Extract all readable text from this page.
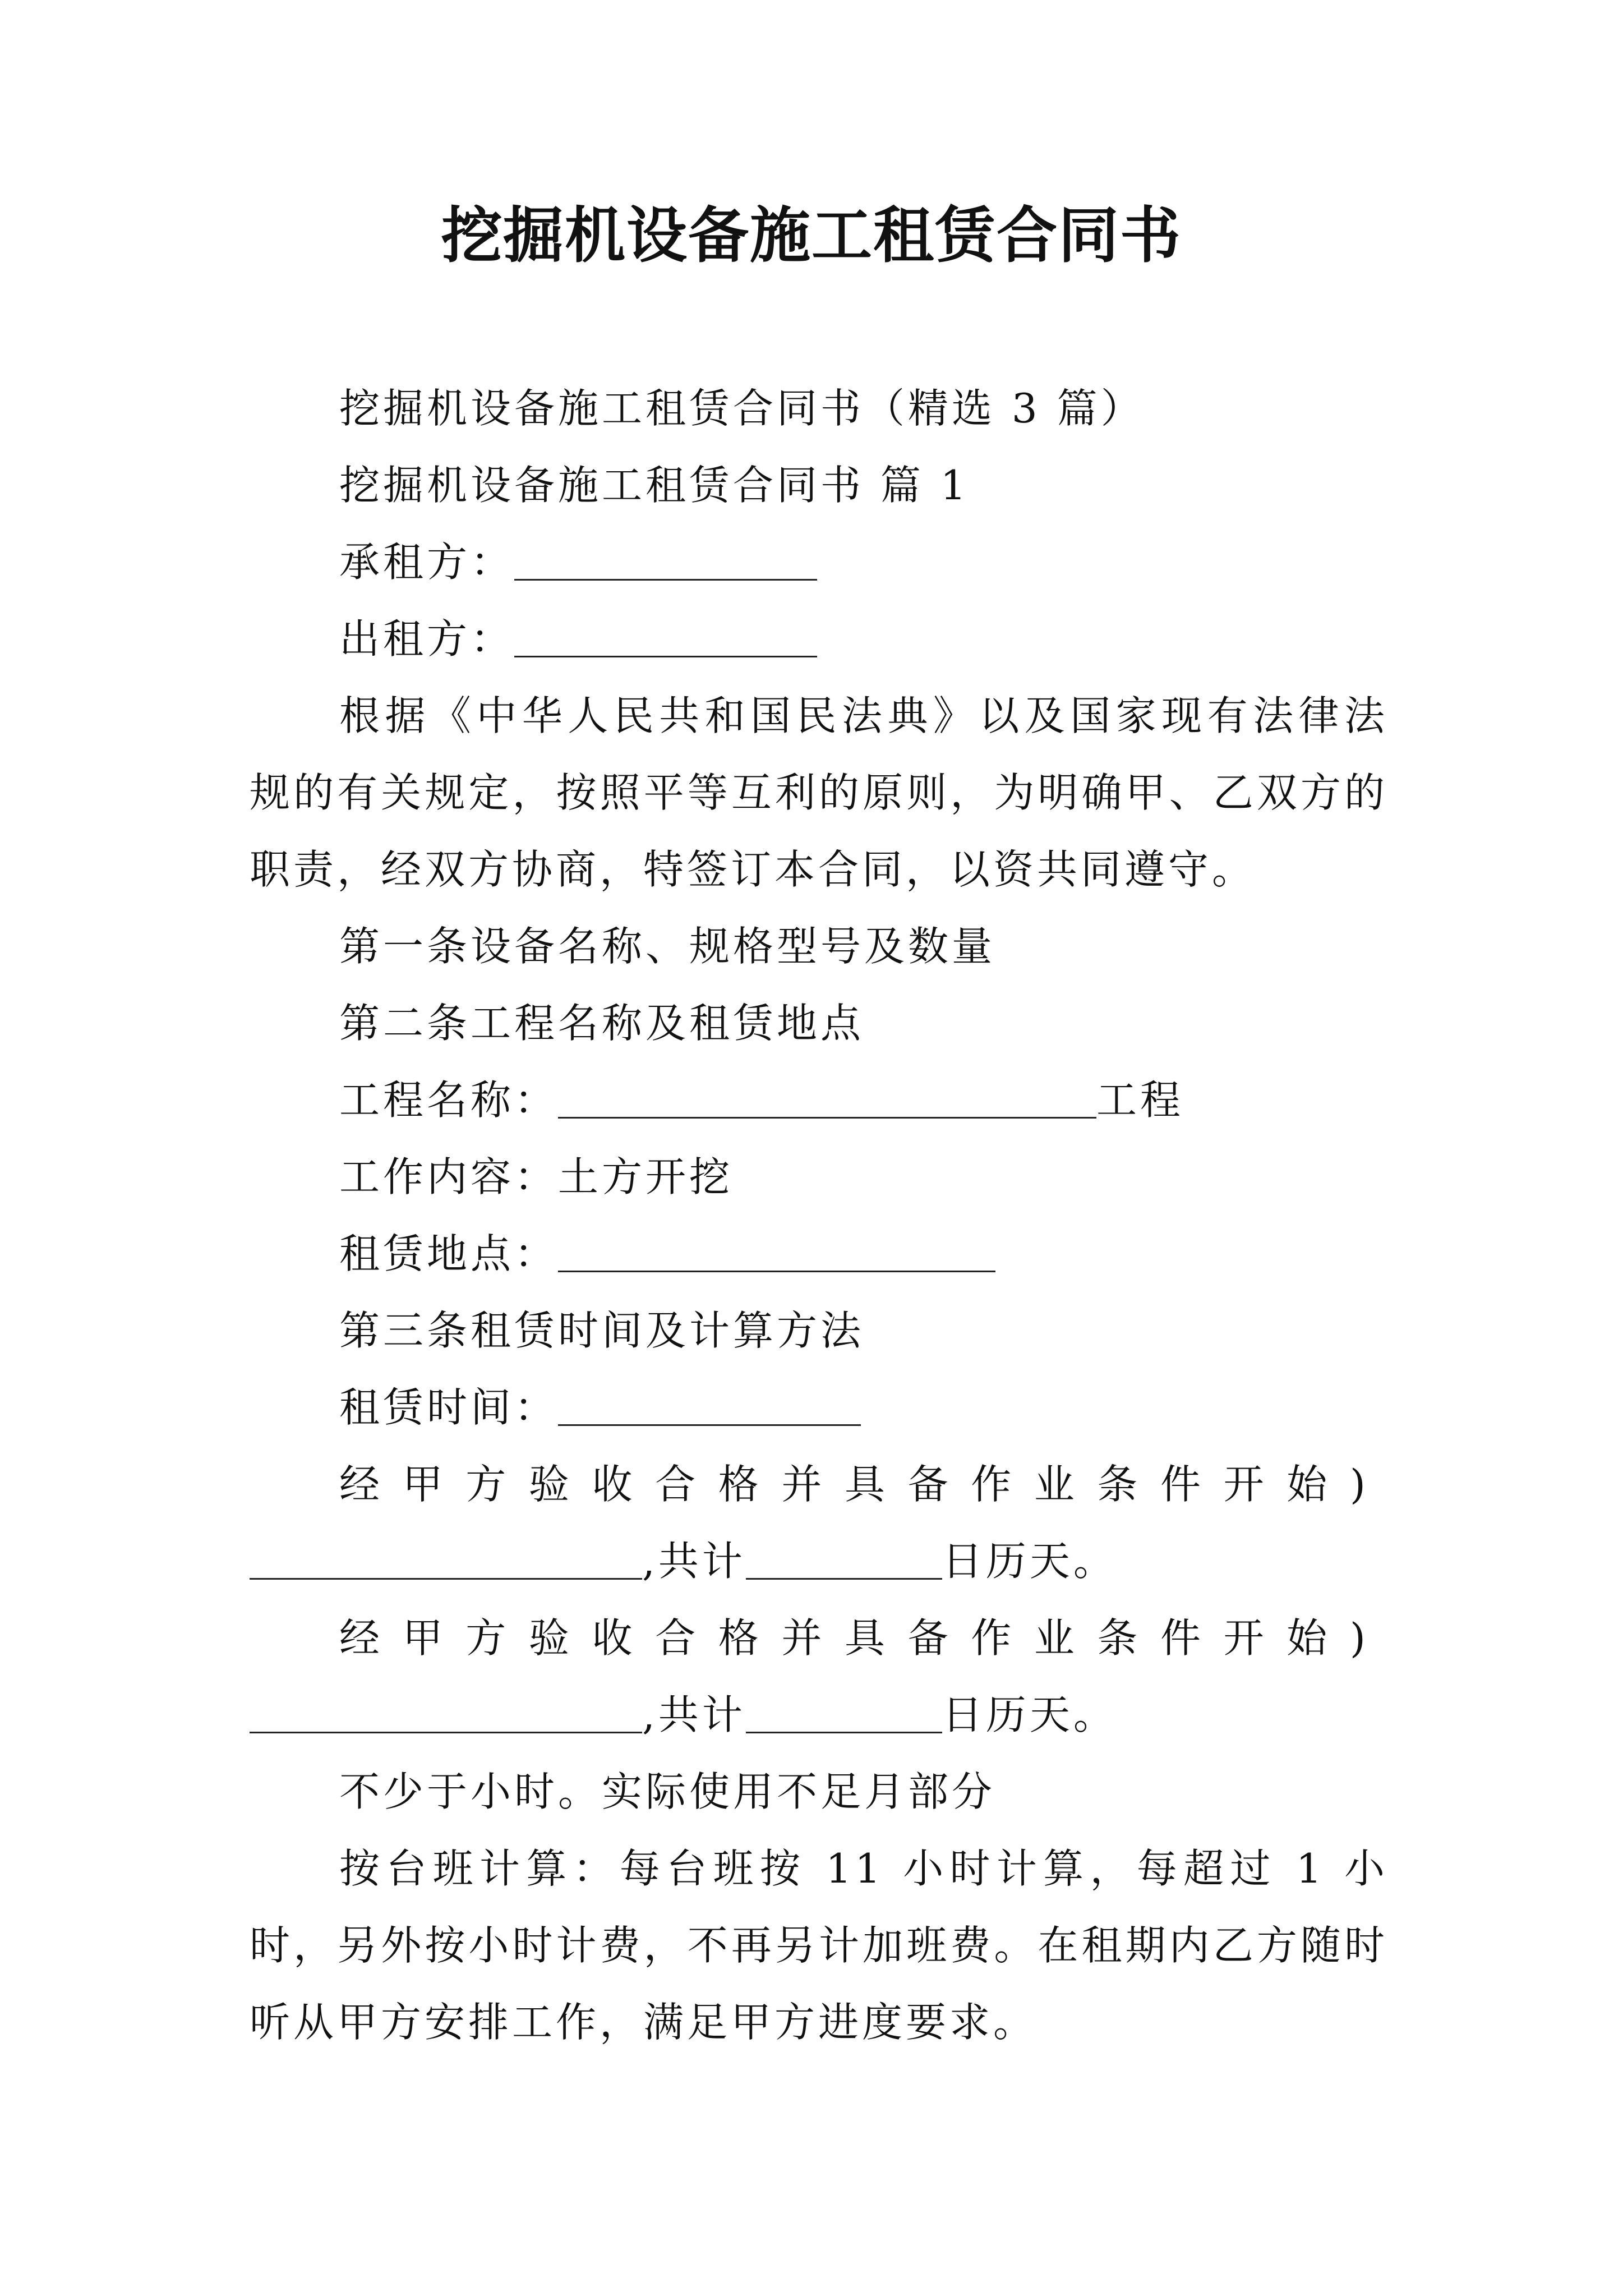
挖掘机设备施工租赁合同书

挖掘机设备施工租赁合同书（精选 3 篇）

挖掘机设备施工租赁合同书 篇 1

承租方：

出租方：

根据《中华人民共和国民法典》以及国家现有法律法规的有关规定，按照平等互利的原则，为明确甲、乙双方的职责，经双方协商，特签订本合同，以资共同遵守。

第一条设备名称、规格型号及数量

第二条工程名称及租赁地点

工程名称：	工程

工作内容：土方开挖

租赁地点：

第三条租赁时间及计算方法

租赁时间：

经甲方验收合格并具备作业条件开始),共计	日历天。

经甲方验收合格并具备作业条件开始),共计	日历天。

不少于小时。实际使用不足月部分

按台班计算：每台班按 11 小时计算，每超过 1 小时，另外按小时计费，不再另计加班费。在租期内乙方随时听从甲方安排工作，满足甲方进度要求。
